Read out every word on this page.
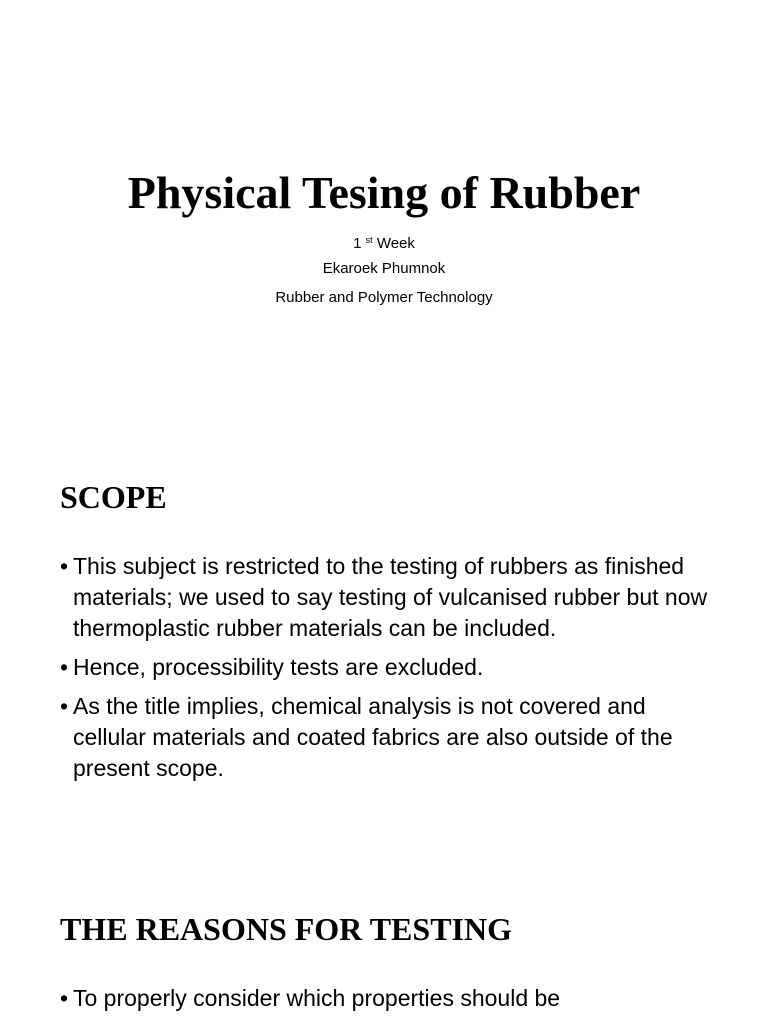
Physical Tesing of Rubber
1 $^{st}$ Week
Ekaroek Phumnok
Rubber and Polymer Technology
SCOPE
• This subject is restricted to the testing of rubbers as finished materials; we used to say testing of vulcanised rubber but now thermoplastic rubber materials can be included.
• Hence, processibility tests are excluded.
• As the title implies, chemical analysis is not covered and cellular materials and coated fabrics are also outside of the present scope.
THE REASONS FOR TESTING
• To properly consider which properties should be
